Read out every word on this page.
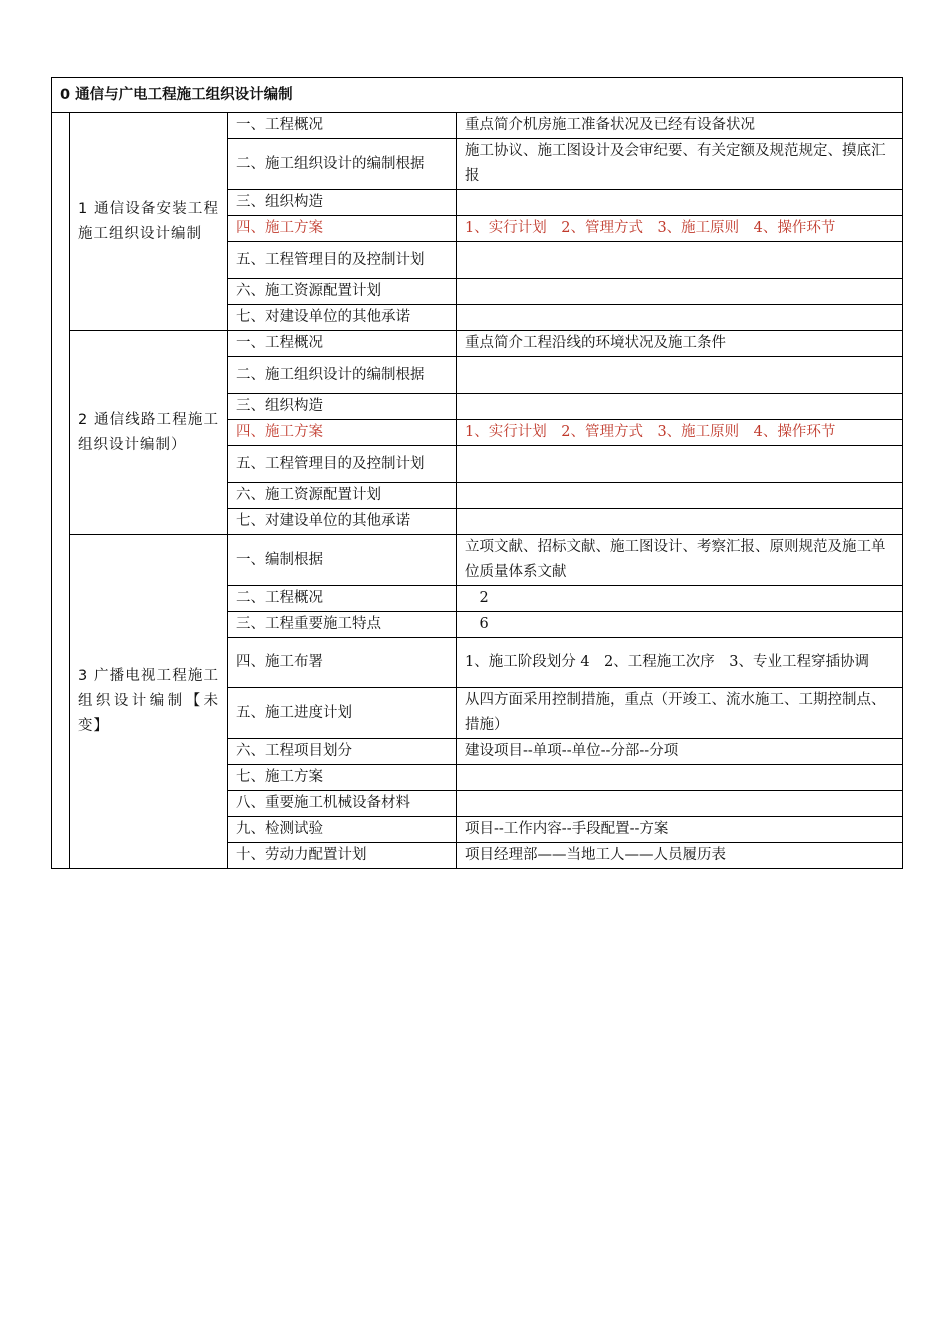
0 通信与广电工程施工组织设计编制			
	1 通信设备安装工程施工组织设计编制	一、工程概况	重点简介机房施工准备状况及已经有设备状况
		二、施工组织设计的编制根据	施工协议、施工图设计及会审纪要、有关定额及规范规定、摸底汇报
		三、组织构造	
		四、施工方案	1、实行计划　2、管理方式　3、施工原则　4、操作环节
		五、工程管理目的及控制计划	
		六、施工资源配置计划	
		七、对建设单位的其他承诺	
	2 通信线路工程施工组织设计编制）	一、工程概况	重点简介工程沿线的环境状况及施工条件
		二、施工组织设计的编制根据	
		三、组织构造	
		四、施工方案	1、实行计划　2、管理方式　3、施工原则　4、操作环节
		五、工程管理目的及控制计划	
		六、施工资源配置计划	
		七、对建设单位的其他承诺	
	3 广播电视工程施工组织设计编制【未变】	一、编制根据	立项文献、招标文献、施工图设计、考察汇报、原则规范及施工单位质量体系文献
		二、工程概况	　2
		三、工程重要施工特点	　6
		四、施工布署	1、施工阶段划分 4　2、工程施工次序　3、专业工程穿插协调
		五、施工进度计划	从四方面采用控制措施，重点（开竣工、流水施工、工期控制点、措施）
		六、工程项目划分	建设项目--单项--单位--分部--分项
		七、施工方案	
		八、重要施工机械设备材料	
		九、检测试验	项目--工作内容--手段配置--方案
		十、劳动力配置计划	项目经理部——当地工人——人员履历表
